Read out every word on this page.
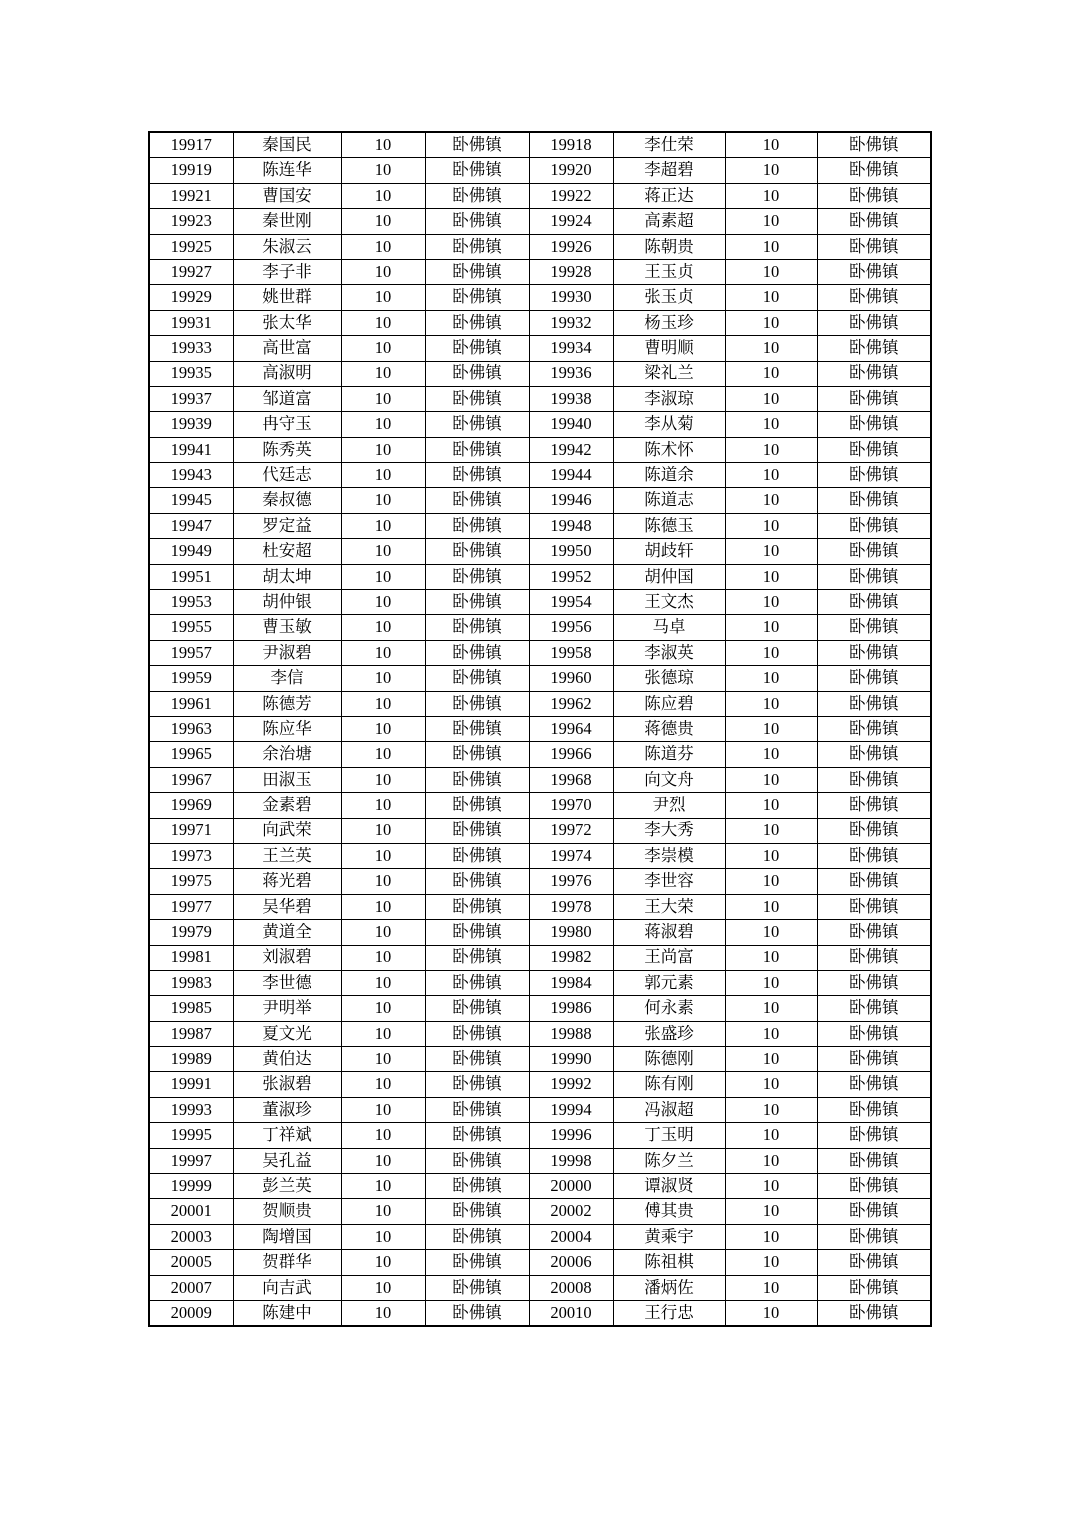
19917	秦国民	10	卧佛镇	19918	李仕荣	10	卧佛镇
19919	陈连华	10	卧佛镇	19920	李超碧	10	卧佛镇
19921	曹国安	10	卧佛镇	19922	蒋正达	10	卧佛镇
19923	秦世刚	10	卧佛镇	19924	高素超	10	卧佛镇
19925	朱淑云	10	卧佛镇	19926	陈朝贵	10	卧佛镇
19927	李子非	10	卧佛镇	19928	王玉贞	10	卧佛镇
19929	姚世群	10	卧佛镇	19930	张玉贞	10	卧佛镇
19931	张太华	10	卧佛镇	19932	杨玉珍	10	卧佛镇
19933	高世富	10	卧佛镇	19934	曹明顺	10	卧佛镇
19935	高淑明	10	卧佛镇	19936	梁礼兰	10	卧佛镇
19937	邹道富	10	卧佛镇	19938	李淑琼	10	卧佛镇
19939	冉守玉	10	卧佛镇	19940	李从菊	10	卧佛镇
19941	陈秀英	10	卧佛镇	19942	陈术怀	10	卧佛镇
19943	代廷志	10	卧佛镇	19944	陈道余	10	卧佛镇
19945	秦叔德	10	卧佛镇	19946	陈道志	10	卧佛镇
19947	罗定益	10	卧佛镇	19948	陈德玉	10	卧佛镇
19949	杜安超	10	卧佛镇	19950	胡歧轩	10	卧佛镇
19951	胡太坤	10	卧佛镇	19952	胡仲国	10	卧佛镇
19953	胡仲银	10	卧佛镇	19954	王文杰	10	卧佛镇
19955	曹玉敏	10	卧佛镇	19956	马卓	10	卧佛镇
19957	尹淑碧	10	卧佛镇	19958	李淑英	10	卧佛镇
19959	李信	10	卧佛镇	19960	张德琼	10	卧佛镇
19961	陈德芳	10	卧佛镇	19962	陈应碧	10	卧佛镇
19963	陈应华	10	卧佛镇	19964	蒋德贵	10	卧佛镇
19965	余治塘	10	卧佛镇	19966	陈道芬	10	卧佛镇
19967	田淑玉	10	卧佛镇	19968	向文舟	10	卧佛镇
19969	金素碧	10	卧佛镇	19970	尹烈	10	卧佛镇
19971	向武荣	10	卧佛镇	19972	李大秀	10	卧佛镇
19973	王兰英	10	卧佛镇	19974	李崇模	10	卧佛镇
19975	蒋光碧	10	卧佛镇	19976	李世容	10	卧佛镇
19977	吴华碧	10	卧佛镇	19978	王大荣	10	卧佛镇
19979	黄道全	10	卧佛镇	19980	蒋淑碧	10	卧佛镇
19981	刘淑碧	10	卧佛镇	19982	王尚富	10	卧佛镇
19983	李世德	10	卧佛镇	19984	郭元素	10	卧佛镇
19985	尹明举	10	卧佛镇	19986	何永素	10	卧佛镇
19987	夏文光	10	卧佛镇	19988	张盛珍	10	卧佛镇
19989	黄伯达	10	卧佛镇	19990	陈德刚	10	卧佛镇
19991	张淑碧	10	卧佛镇	19992	陈有刚	10	卧佛镇
19993	董淑珍	10	卧佛镇	19994	冯淑超	10	卧佛镇
19995	丁祥斌	10	卧佛镇	19996	丁玉明	10	卧佛镇
19997	吴孔益	10	卧佛镇	19998	陈夕兰	10	卧佛镇
19999	彭兰英	10	卧佛镇	20000	谭淑贤	10	卧佛镇
20001	贺顺贵	10	卧佛镇	20002	傅其贵	10	卧佛镇
20003	陶增国	10	卧佛镇	20004	黄乘宇	10	卧佛镇
20005	贺群华	10	卧佛镇	20006	陈祖棋	10	卧佛镇
20007	向吉武	10	卧佛镇	20008	潘炳佐	10	卧佛镇
20009	陈建中	10	卧佛镇	20010	王行忠	10	卧佛镇
